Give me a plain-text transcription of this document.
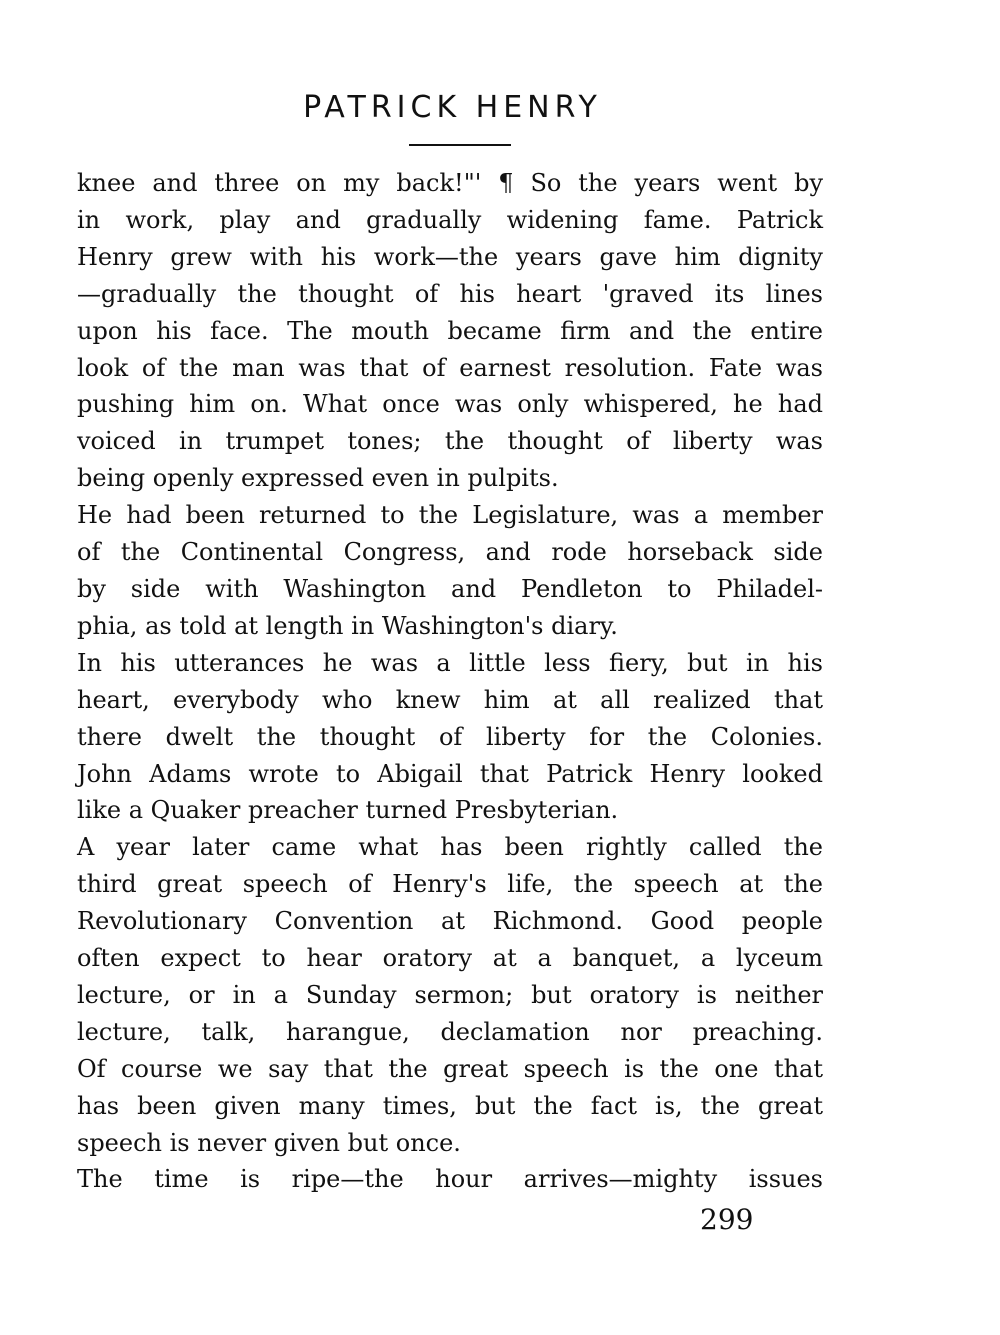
PATRICK HENRY
knee and three on my back!"' ¶ So the years went by
in work, play and gradually widening fame. Patrick
Henry grew with his work—the years gave him dignity
—gradually the thought of his heart 'graved its lines
upon his face. The mouth became firm and the entire
look of the man was that of earnest resolution. Fate was
pushing him on. What once was only whispered, he had
voiced in trumpet tones; the thought of liberty was
being openly expressed even in pulpits.
He had been returned to the Legislature, was a member
of the Continental Congress, and rode horseback side
by side with Washington and Pendleton to Philadel-
phia, as told at length in Washington's diary.
In his utterances he was a little less fiery, but in his
heart, everybody who knew him at all realized that
there dwelt the thought of liberty for the Colonies.
John Adams wrote to Abigail that Patrick Henry looked
like a Quaker preacher turned Presbyterian.
A year later came what has been rightly called the
third great speech of Henry's life, the speech at the
Revolutionary Convention at Richmond. Good people
often expect to hear oratory at a banquet, a lyceum
lecture, or in a Sunday sermon; but oratory is neither
lecture, talk, harangue, declamation nor preaching.
Of course we say that the great speech is the one that
has been given many times, but the fact is, the great
speech is never given but once.
The time is ripe—the hour arrives—mighty issues
299
